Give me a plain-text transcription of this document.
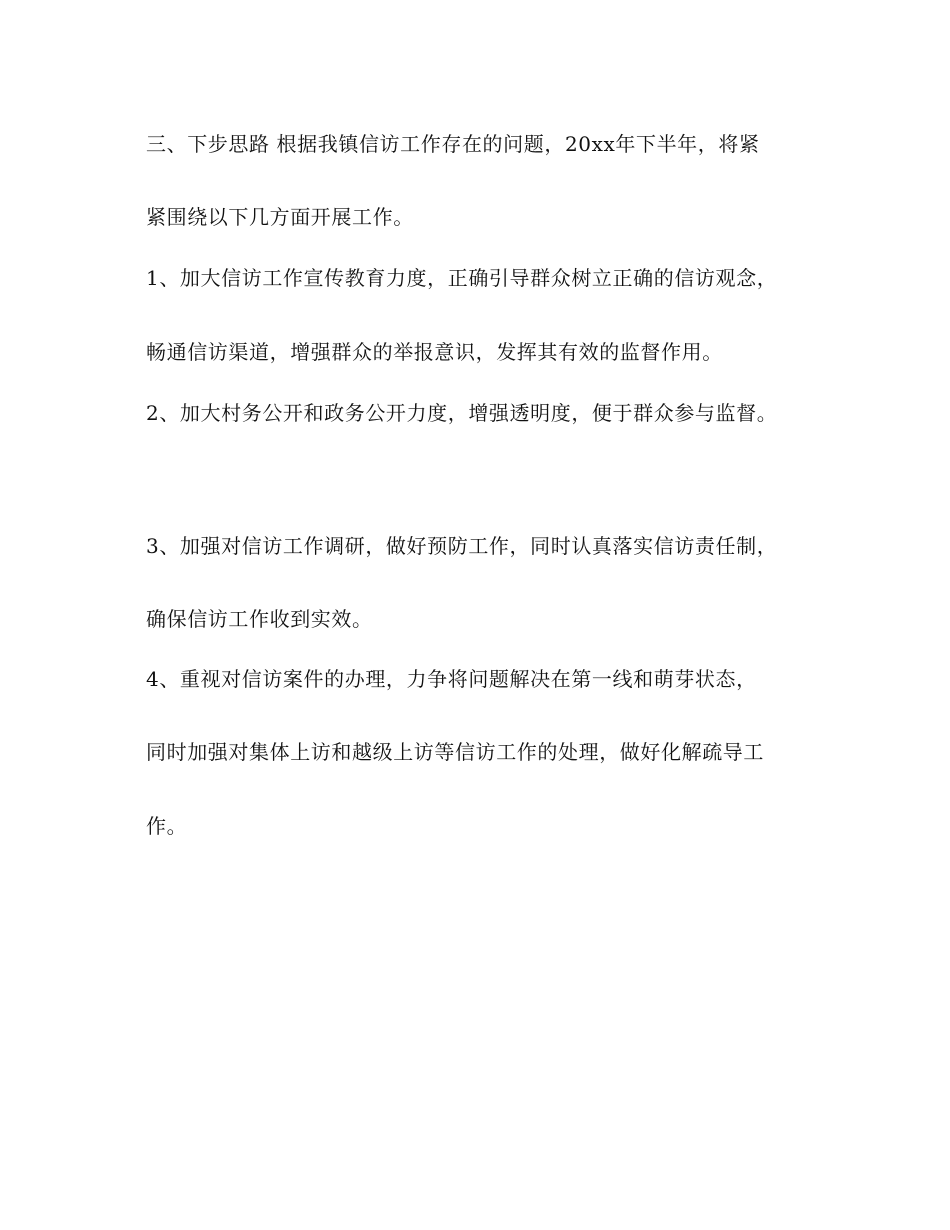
三、下步思路 根据我镇信访工作存在的问题，20xx年下半年，将紧
紧围绕以下几方面开展工作。
1、加大信访工作宣传教育力度，正确引导群众树立正确的信访观念，
畅通信访渠道，增强群众的举报意识，发挥其有效的监督作用。
2、加大村务公开和政务公开力度，增强透明度，便于群众参与监督。
3、加强对信访工作调研，做好预防工作，同时认真落实信访责任制，
确保信访工作收到实效。
4、重视对信访案件的办理，力争将问题解决在第一线和萌芽状态，
同时加强对集体上访和越级上访等信访工作的处理，做好化解疏导工
作。
